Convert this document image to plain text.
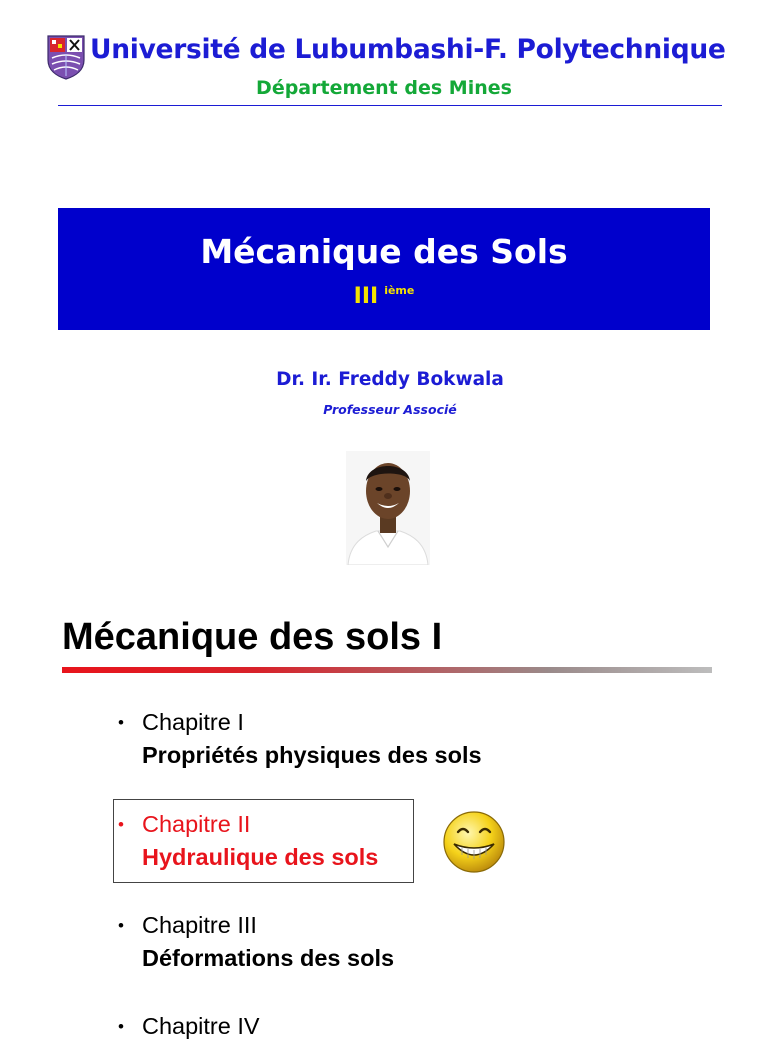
Université de Lubumbashi-F. Polytechnique
Département des Mines
Mécanique des Sols
III $^{ième}$
Dr. Ir. Freddy Bokwala
Professeur Associé
Mécanique des sols I
• Chapitre I
Propriétés physiques des sols
• Chapitre II
Hydraulique des sols
• Chapitre III
Déformations des sols
• Chapitre IV
